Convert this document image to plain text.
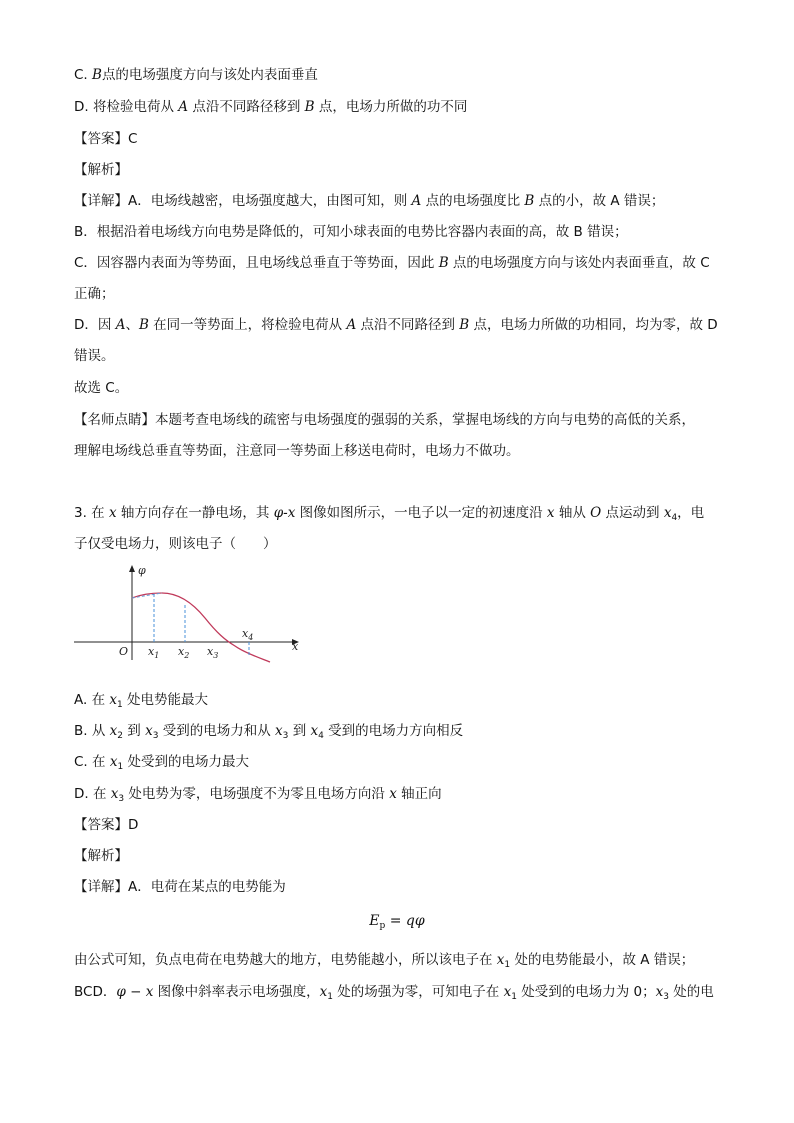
C. B点的电场强度方向与该处内表面垂直
D. 将检验电荷从 A 点沿不同路径移到 B 点，电场力所做的功不同
【答案】C
【解析】
【详解】A．电场线越密，电场强度越大，由图可知，则 A 点的电场强度比 B 点的小，故 A 错误；
B．根据沿着电场线方向电势是降低的，可知小球表面的电势比容器内表面的高，故 B 错误；
C．因容器内表面为等势面，且电场线总垂直于等势面，因此 B 点的电场强度方向与该处内表面垂直，故 C
正确；
D．因 A、B 在同一等势面上，将检验电荷从 A 点沿不同路径到 B 点，电场力所做的功相同，均为零，故 D
错误。
故选 C。
【名师点睛】本题考查电场线的疏密与电场强度的强弱的关系，掌握电场线的方向与电势的高低的关系，
理解电场线总垂直等势面，注意同一等势面上移送电荷时，电场力不做功。
3. 在 x 轴方向存在一静电场，其 φ-x 图像如图所示，一电子以一定的初速度沿 x 轴从 O 点运动到 $x_4$，电
子仅受电场力，则该电子（　　）
φ
x
O $x_1$ $x_2$ $x_3$
$x_4$
A. 在 $x_1$ 处电势能最大
B. 从 $x_2$ 到 $x_3$ 受到的电场力和从 $x_3$ 到 $x_4$ 受到的电场力方向相反
C. 在 $x_1$ 处受到的电场力最大
D. 在 $x_3$ 处电势为零，电场强度不为零且电场方向沿 x 轴正向
【答案】D
【解析】
【详解】A．电荷在某点的电势能为
$E_p = q\varphi$
由公式可知，负点电荷在电势越大的地方，电势能越小，所以该电子在 $x_1$ 处的电势能最小，故 A 错误；
BCD．φ − x 图像中斜率表示电场强度，$x_1$ 处的场强为零，可知电子在 $x_1$ 处受到的电场力为 0；$x_3$ 处的电
